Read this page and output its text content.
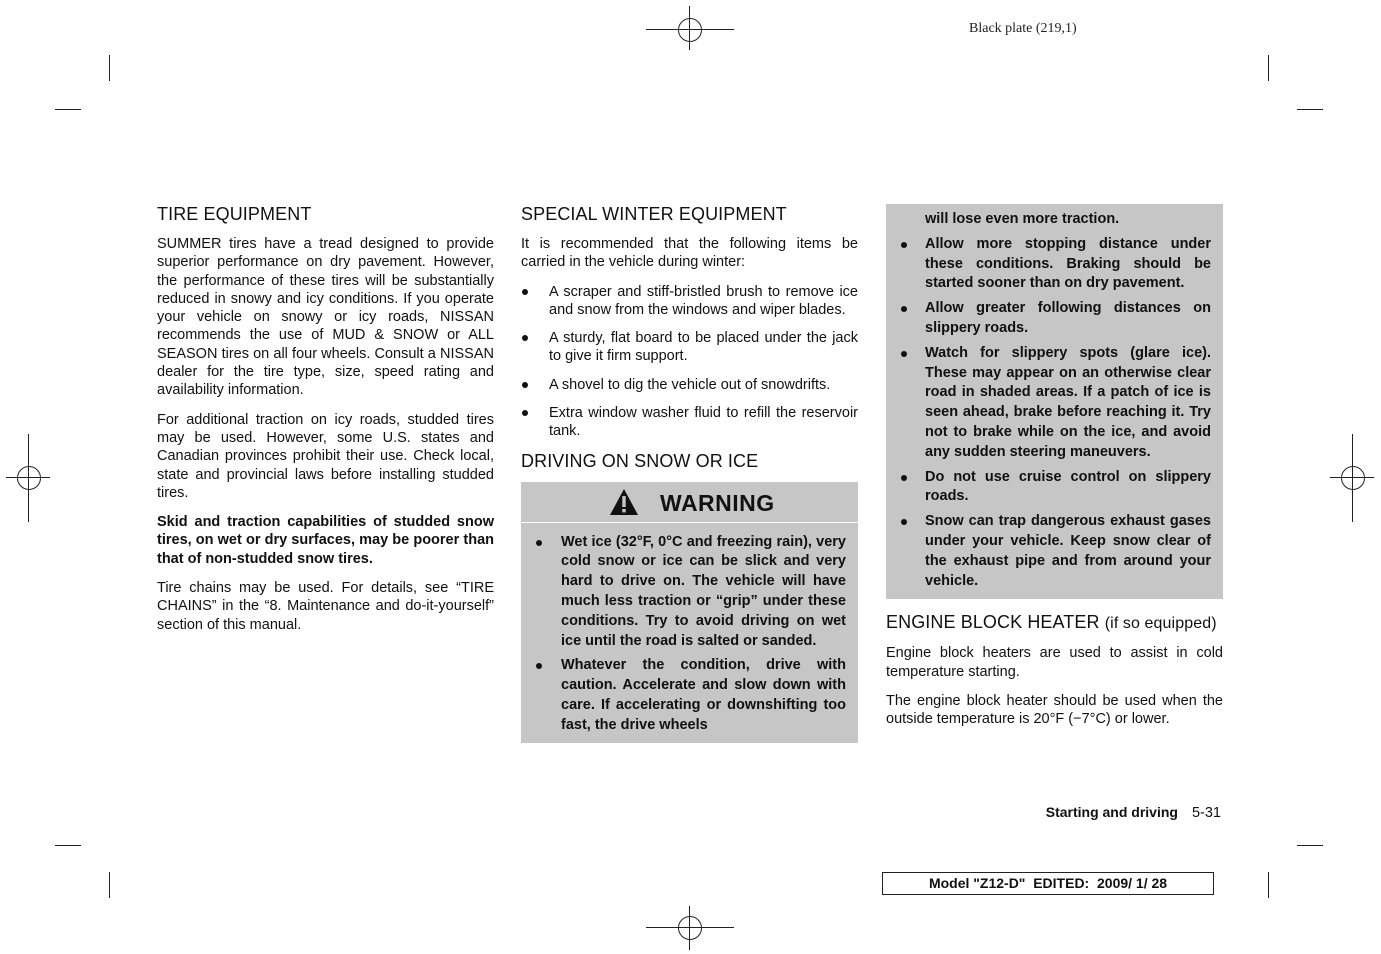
Black plate (219,1)
TIRE EQUIPMENT

SUMMER tires have a tread designed to provide superior performance on dry pavement. However, the performance of these tires will be substantially reduced in snowy and icy conditions. If you operate your vehicle on snowy or icy roads, NISSAN recommends the use of MUD & SNOW or ALL SEASON tires on all four wheels. Consult a NISSAN dealer for the tire type, size, speed rating and availability information.

For additional traction on icy roads, studded tires may be used. However, some U.S. states and Canadian provinces prohibit their use. Check local, state and provincial laws before installing studded tires.

Skid and traction capabilities of studded snow tires, on wet or dry surfaces, may be poorer than that of non-studded snow tires.

Tire chains may be used. For details, see “TIRE CHAINS” in the “8. Maintenance and do-it-yourself” section of this manual.

SPECIAL WINTER EQUIPMENT

It is recommended that the following items be carried in the vehicle during winter:

A scraper and stiff-bristled brush to remove ice and snow from the windows and wiper blades.
A sturdy, flat board to be placed under the jack to give it firm support.
A shovel to dig the vehicle out of snowdrifts.
Extra window washer fluid to refill the reservoir tank.
DRIVING ON SNOW OR ICE
WARNING
Wet ice (32°F, 0°C and freezing rain), very cold snow or ice can be slick and very hard to drive on. The vehicle will have much less traction or “grip” under these conditions. Try to avoid driving on wet ice until the road is salted or sanded.
Whatever the condition, drive with caution. Accelerate and slow down with care. If accelerating or downshifting too fast, the drive wheels
will lose even more traction.
Allow more stopping distance under these conditions. Braking should be started sooner than on dry pavement.
Allow greater following distances on slippery roads.
Watch for slippery spots (glare ice). These may appear on an otherwise clear road in shaded areas. If a patch of ice is seen ahead, brake before reaching it. Try not to brake while on the ice, and avoid any sudden steering maneuvers.
Do not use cruise control on slippery roads.
Snow can trap dangerous exhaust gases under your vehicle. Keep snow clear of the exhaust pipe and from around your vehicle.
ENGINE BLOCK HEATER (if so equipped)

Engine block heaters are used to assist in cold temperature starting.

The engine block heater should be used when the outside temperature is 20°F (−7°C) or lower.

Starting and driving 5-31
Model "Z12-D"  EDITED:  2009/ 1/ 28
